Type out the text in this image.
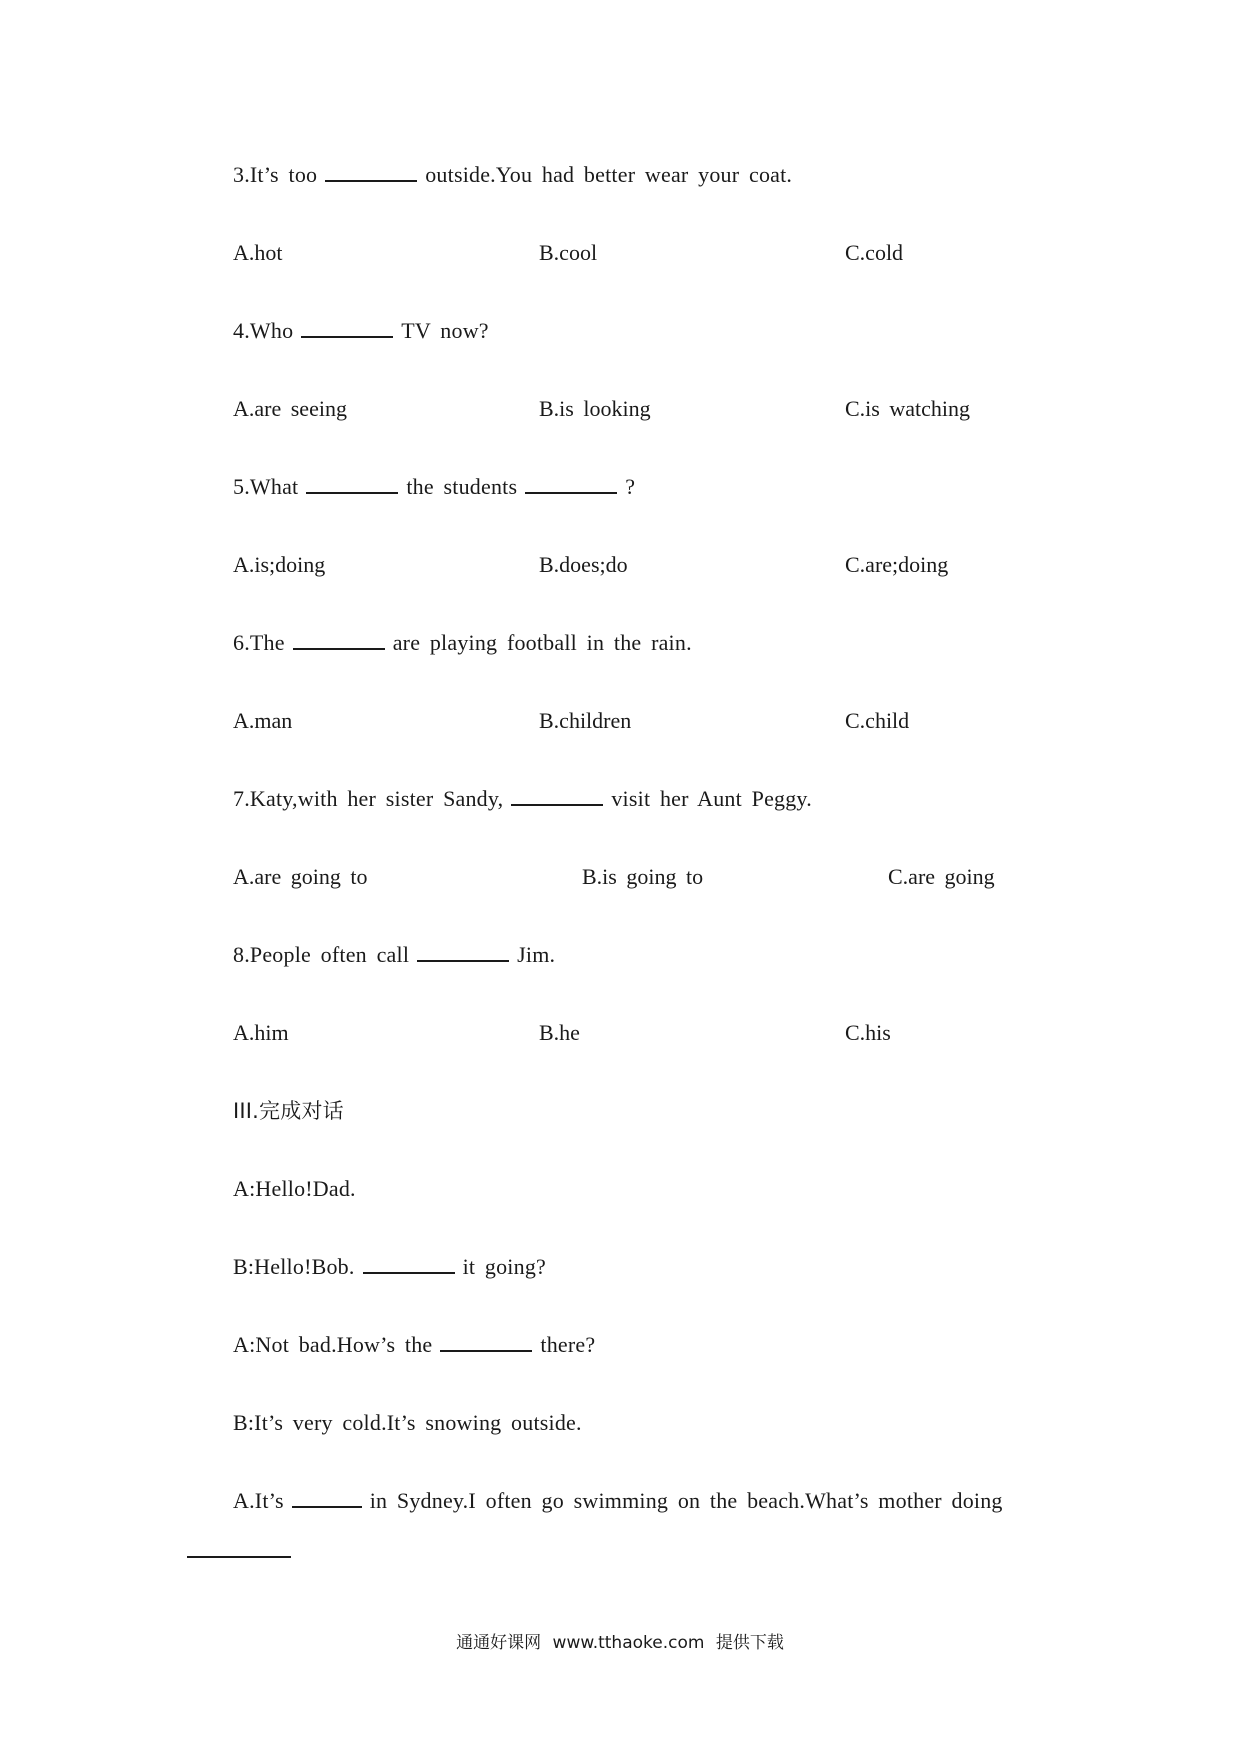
3.It’s too	outside.You had better wear your coat.
A.hot	B.cool	C.cold
4.Who	TV now?
A.are seeing	B.is looking	C.is watching
5.What	the students	?
A.is;doing	B.does;do	C.are;doing
6.The	are playing football in the rain.
A.man	B.children	C.child
7.Katy,with her sister Sandy,	visit her Aunt Peggy.
A.are going to	B.is going to	C.are going
8.People often call	Jim.
A.him	B.he	C.his
III.完成对话
A:Hello!Dad.
B:Hello!Bob.	it going?
A:Not bad.How’s the	there?
B:It’s very cold.It’s snowing outside.
A.It’s	in Sydney.I often go swimming on the beach.What’s mother doing
通通好课网 www.tthaoke.com 提供下载
